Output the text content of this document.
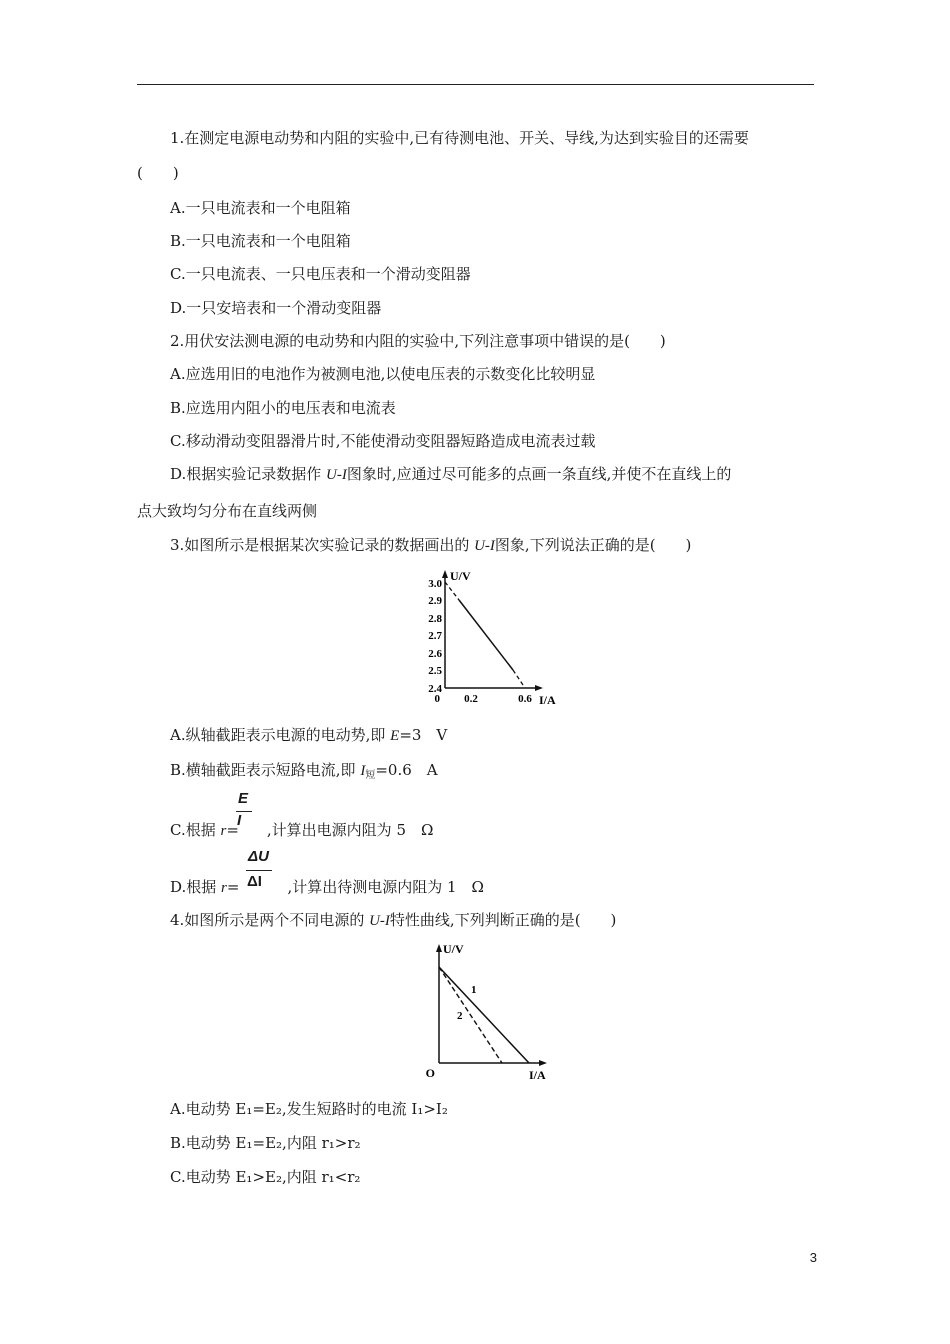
1.在测定电源电动势和内阻的实验中,已有待测电池、开关、导线,为达到实验目的还需要
(　　)
A.一只电流表和一个电阻箱
B.一只电流表和一个电阻箱
C.一只电流表、一只电压表和一个滑动变阻器
D.一只安培表和一个滑动变阻器
2.用伏安法测电源的电动势和内阻的实验中,下列注意事项中错误的是(　　)
A.应选用旧的电池作为被测电池,以使电压表的示数变化比较明显
B.应选用内阻小的电压表和电流表
C.移动滑动变阻器滑片时,不能使滑动变阻器短路造成电流表过载
D.根据实验记录数据作 U-I图象时,应通过尽可能多的点画一条直线,并使不在直线上的
点大致均匀分布在直线两侧
3.如图所示是根据某次实验记录的数据画出的 U-I图象,下列说法正确的是(　　)
U/V
I/A
0
3.0
2.9
2.8
2.7
2.6
2.5
2.4
0.2	0.6
A.纵轴截距表示电源的电动势,即 E=3　V
B.横轴截距表示短路电流,即 $I_短=0.6$　A
E
I
C.根据 r= ,计算出电源内阻为 5　Ω
ΔU
ΔI
D.根据 r=	,计算出待测电源内阻为 1　Ω
4.如图所示是两个不同电源的 U-I特性曲线,下列判断正确的是(　　)
U/V
I/A
O
1
2
A.电动势 E₁=E₂,发生短路时的电流 I₁>I₂
B.电动势 E₁=E₂,内阻 r₁>r₂
C.电动势 E₁>E₂,内阻 r₁<r₂
3
